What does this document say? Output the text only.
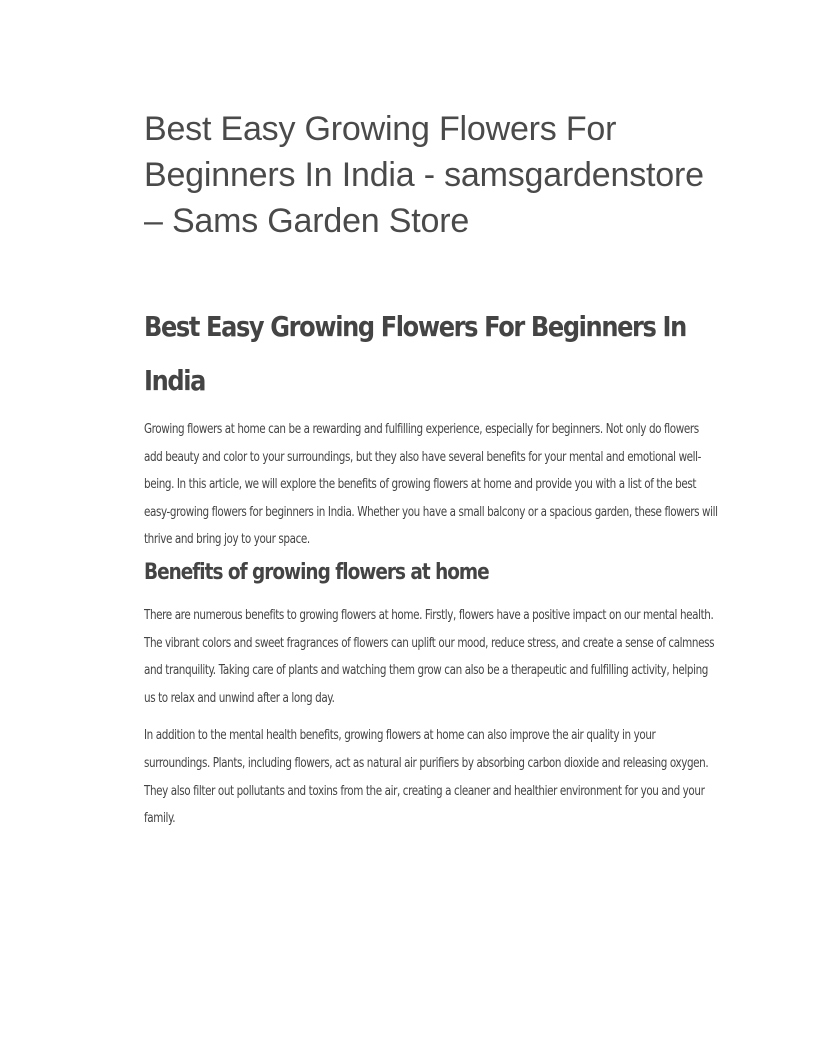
Best Easy Growing Flowers For Beginners In India - samsgardenstore – Sams Garden Store
Best Easy Growing Flowers For Beginners In India

Growing flowers at home can be a rewarding and fulfilling experience, especially for beginners. Not only do flowers add beauty and color to your surroundings, but they also have several benefits for your mental and emotional well-being. In this article, we will explore the benefits of growing flowers at home and provide you with a list of the best easy-growing flowers for beginners in India. Whether you have a small balcony or a spacious garden, these flowers will thrive and bring joy to your space.

Benefits of growing flowers at home

There are numerous benefits to growing flowers at home. Firstly, flowers have a positive impact on our mental health. The vibrant colors and sweet fragrances of flowers can uplift our mood, reduce stress, and create a sense of calmness and tranquility. Taking care of plants and watching them grow can also be a therapeutic and fulfilling activity, helping us to relax and unwind after a long day.

In addition to the mental health benefits, growing flowers at home can also improve the air quality in your surroundings. Plants, including flowers, act as natural air purifiers by absorbing carbon dioxide and releasing oxygen. They also filter out pollutants and toxins from the air, creating a cleaner and healthier environment for you and your family.
